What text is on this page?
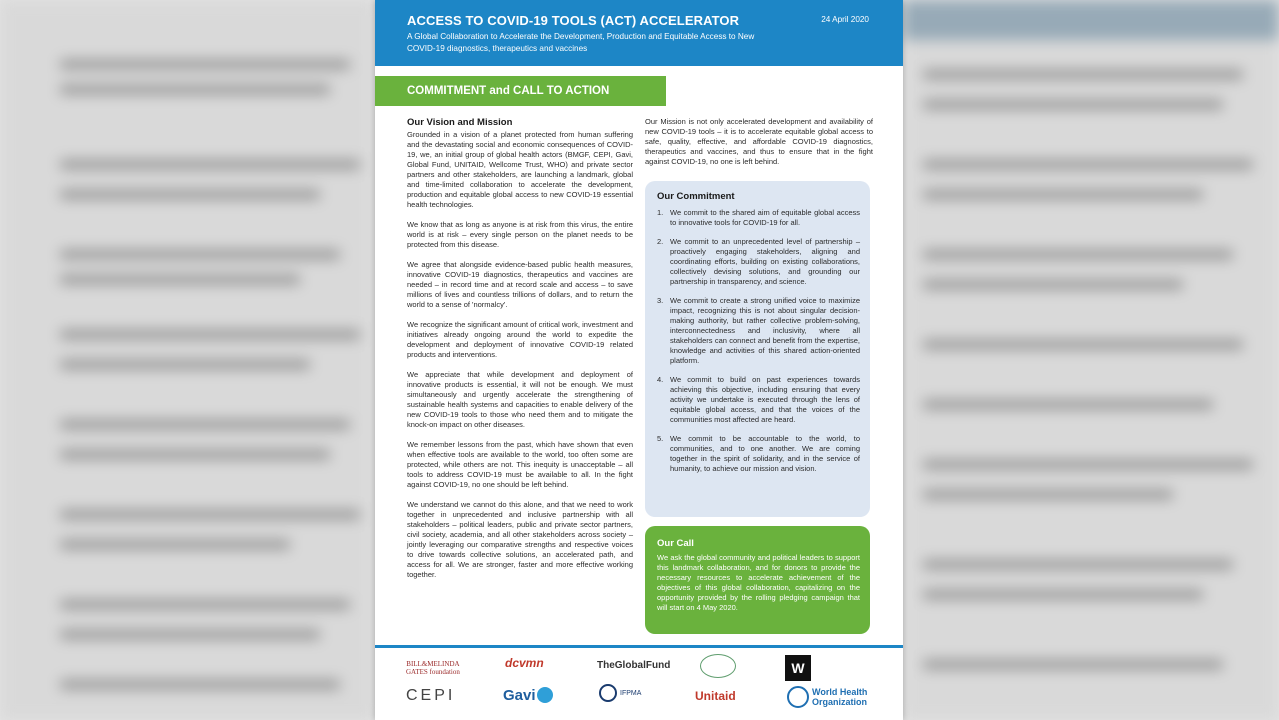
ACCESS TO COVID-19 TOOLS (ACT) ACCELERATOR
A Global Collaboration to Accelerate the Development, Production and Equitable Access to New COVID-19 diagnostics, therapeutics and vaccines
24 April 2020
COMMITMENT and CALL TO ACTION
Our Vision and Mission

Grounded in a vision of a planet protected from human suffering and the devastating social and economic consequences of COVID-19, we, an initial group of global health actors (BMGF, CEPI, Gavi, Global Fund, UNITAID, Wellcome Trust, WHO) and private sector partners and other stakeholders, are launching a landmark, global and time-limited collaboration to accelerate the development, production and equitable global access to new COVID-19 essential health technologies.

We know that as long as anyone is at risk from this virus, the entire world is at risk – every single person on the planet needs to be protected from this disease.

We agree that alongside evidence-based public health measures, innovative COVID-19 diagnostics, therapeutics and vaccines are needed – in record time and at record scale and access – to save millions of lives and countless trillions of dollars, and to return the world to a sense of 'normalcy'.

We recognize the significant amount of critical work, investment and initiatives already ongoing around the world to expedite the development and deployment of innovative COVID-19 related products and interventions.

We appreciate that while development and deployment of innovative products is essential, it will not be enough. We must simultaneously and urgently accelerate the strengthening of sustainable health systems and capacities to enable delivery of the new COVID-19 tools to those who need them and to mitigate the knock-on impact on other diseases.

We remember lessons from the past, which have shown that even when effective tools are available to the world, too often some are protected, while others are not. This inequity is unacceptable – all tools to address COVID-19 must be available to all. In the fight against COVID-19, no one should be left behind.

We understand we cannot do this alone, and that we need to work together in unprecedented and inclusive partnership with all stakeholders – political leaders, public and private sector partners, civil society, academia, and all other stakeholders across society – jointly leveraging our comparative strengths and respective voices to drive towards collective solutions, an accelerated path, and access for all. We are stronger, faster and more effective working together.

Our Mission is not only accelerated development and availability of new COVID-19 tools – it is to accelerate equitable global access to safe, quality, effective, and affordable COVID-19 diagnostics, therapeutics and vaccines, and thus to ensure that in the fight against COVID-19, no one is left behind.

Our Commitment
1. We commit to the shared aim of equitable global access to innovative tools for COVID-19 for all.
2. We commit to an unprecedented level of partnership – proactively engaging stakeholders, aligning and coordinating efforts, building on existing collaborations, collectively devising solutions, and grounding our partnership in transparency, and science.
3. We commit to create a strong unified voice to maximize impact, recognizing this is not about singular decision-making authority, but rather collective problem-solving, interconnectedness and inclusivity, where all stakeholders can connect and benefit from the expertise, knowledge and activities of this shared action-oriented platform.
4. We commit to build on past experiences towards achieving this objective, including ensuring that every activity we undertake is executed through the lens of equitable global access, and that the voices of the communities most affected are heard.
5. We commit to be accountable to the world, to communities, and to one another. We are coming together in the spirit of solidarity, and in the service of humanity, to achieve our mission and vision.
Our Call
We ask the global community and political leaders to support this landmark collaboration, and for donors to provide the necessary resources to accelerate achievement of the objectives of this global collaboration, capitalizing on the opportunity provided by the rolling pledging campaign that will start on 4 May 2020.
BILL&MELINDA
GATES foundation
dcvmn	TheGlobalFund	W
CEPI	Gavi	IFPMA	Unitaid	World Health
Organization
